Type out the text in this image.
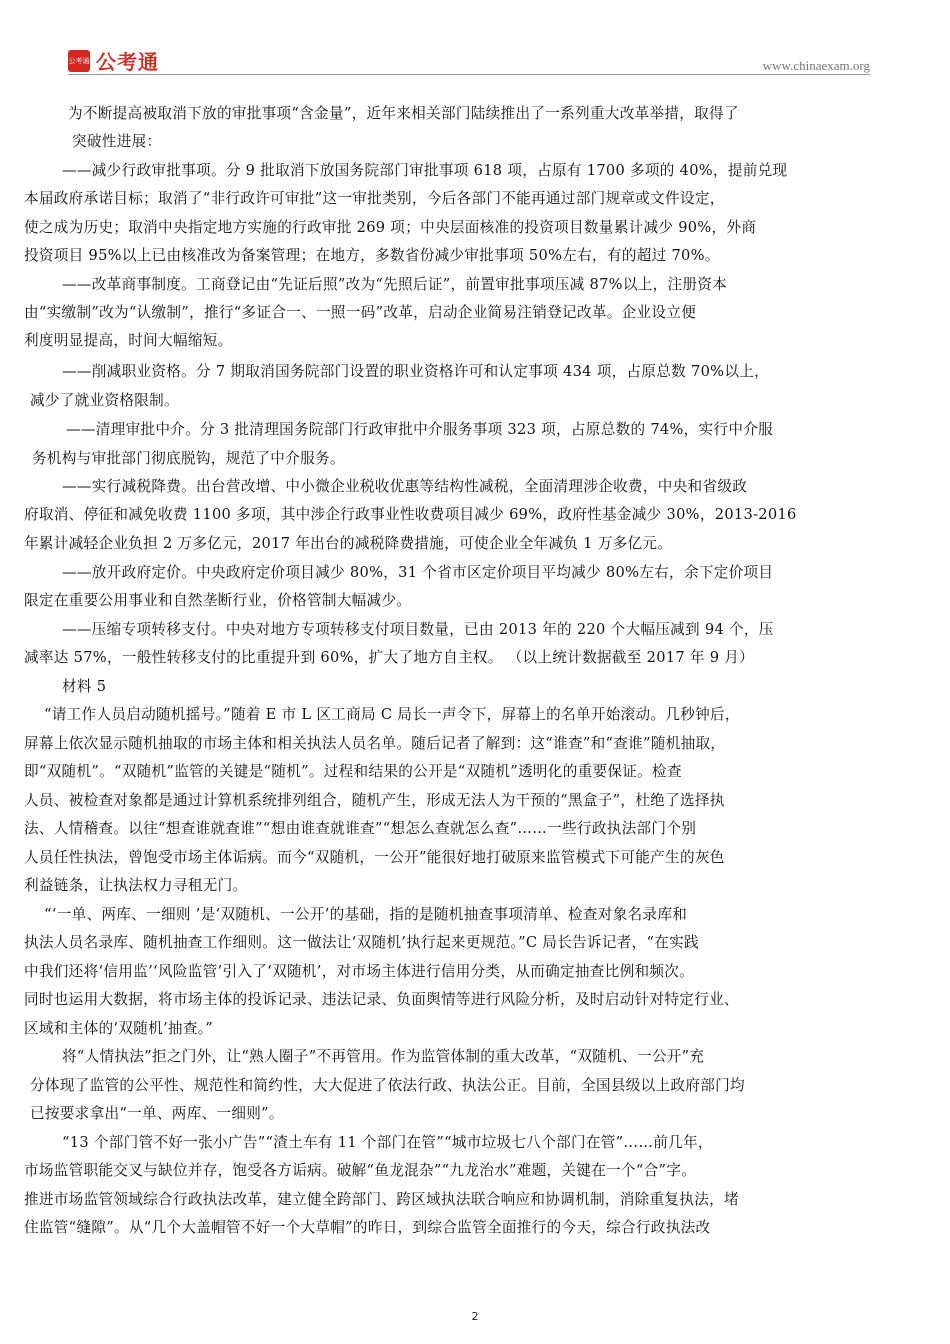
公考通 公考通	www.chinaexam.org
为不断提高被取消下放的审批事项“含金量”，近年来相关部门陆续推出了一系列重大改革举措，取得了
突破性进展：
——减少行政审批事项。分 9 批取消下放国务院部门审批事项 618 项，占原有 1700 多项的 40%，提前兑现
本届政府承诺目标；取消了“非行政许可审批”这一审批类别，今后各部门不能再通过部门规章或文件设定，
使之成为历史；取消中央指定地方实施的行政审批 269 项；中央层面核准的投资项目数量累计减少 90%，外商
投资项目 95%以上已由核准改为备案管理；在地方，多数省份减少审批事项 50%左右，有的超过 70%。
——改革商事制度。工商登记由“先证后照”改为“先照后证”，前置审批事项压减 87%以上，注册资本
由“实缴制”改为“认缴制”，推行“多证合一、一照一码”改革，启动企业简易注销登记改革。企业设立便
利度明显提高，时间大幅缩短。
——削减职业资格。分 7 期取消国务院部门设置的职业资格许可和认定事项 434 项，占原总数 70%以上，
减少了就业资格限制。
——清理审批中介。分 3 批清理国务院部门行政审批中介服务事项 323 项，占原总数的 74%，实行中介服
务机构与审批部门彻底脱钩，规范了中介服务。
——实行减税降费。出台营改增、中小微企业税收优惠等结构性减税，全面清理涉企收费，中央和省级政
府取消、停征和减免收费 1100 多项，其中涉企行政事业性收费项目减少 69%，政府性基金减少 30%，2013-2016
年累计减轻企业负担 2 万多亿元，2017 年出台的减税降费措施，可使企业全年减负 1 万多亿元。
——放开政府定价。中央政府定价项目减少 80%，31 个省市区定价项目平均减少 80%左右，余下定价项目
限定在重要公用事业和自然垄断行业，价格管制大幅减少。
——压缩专项转移支付。中央对地方专项转移支付项目数量，已由 2013 年的 220 个大幅压减到 94 个，压
减率达 57%，一般性转移支付的比重提升到 60%，扩大了地方自主权。 （以上统计数据截至 2017 年 9 月）
材料 5
“请工作人员启动随机摇号。”随着 E 市 L 区工商局 C 局长一声令下，屏幕上的名单开始滚动。几秒钟后，
屏幕上依次显示随机抽取的市场主体和相关执法人员名单。随后记者了解到：这“谁查”和“查谁”随机抽取，
即“双随机”。“双随机”监管的关键是“随机”。过程和结果的公开是“双随机”透明化的重要保证。检查
人员、被检查对象都是通过计算机系统排列组合，随机产生，形成无法人为干预的“黑盒子”，杜绝了选择执
法、人情稽查。以往“想查谁就查谁”“想由谁查就谁查”“想怎么查就怎么查”……一些行政执法部门个别
人员任性执法，曾饱受市场主体诟病。而今“双随机，一公开”能很好地打破原来监管模式下可能产生的灰色
利益链条，让执法权力寻租无门。
“‘一单、两库、一细则 ’是‘双随机、一公开’的基础，指的是随机抽查事项清单、检查对象名录库和
执法人员名录库、随机抽查工作细则。这一做法让‘双随机’执行起来更规范。”C 局长告诉记者，“在实践
中我们还将‘信用监’‘风险监管’引入了‘双随机’，对市场主体进行信用分类，从而确定抽查比例和频次。
同时也运用大数据，将市场主体的投诉记录、违法记录、负面舆情等进行风险分析，及时启动针对特定行业、
区域和主体的‘双随机’抽查。”
将“人情执法”拒之门外，让“熟人圈子”不再管用。作为监管体制的重大改革，“双随机、一公开”充
分体现了监管的公平性、规范性和简约性，大大促进了依法行政、执法公正。目前，全国县级以上政府部门均
已按要求拿出“一单、两库、一细则”。
“13 个部门管不好一张小广告”“渣土车有 11 个部门在管”“城市垃圾七八个部门在管”……前几年，
市场监管职能交叉与缺位并存，饱受各方诟病。破解“鱼龙混杂”“九龙治水”难题，关键在一个“合”字。
推进市场监管领域综合行政执法改革，建立健全跨部门、跨区域执法联合响应和协调机制，消除重复执法，堵
住监管“缝隙”。从“几个大盖帽管不好一个大草帽”的昨日，到综合监管全面推行的今天，综合行政执法改
2
